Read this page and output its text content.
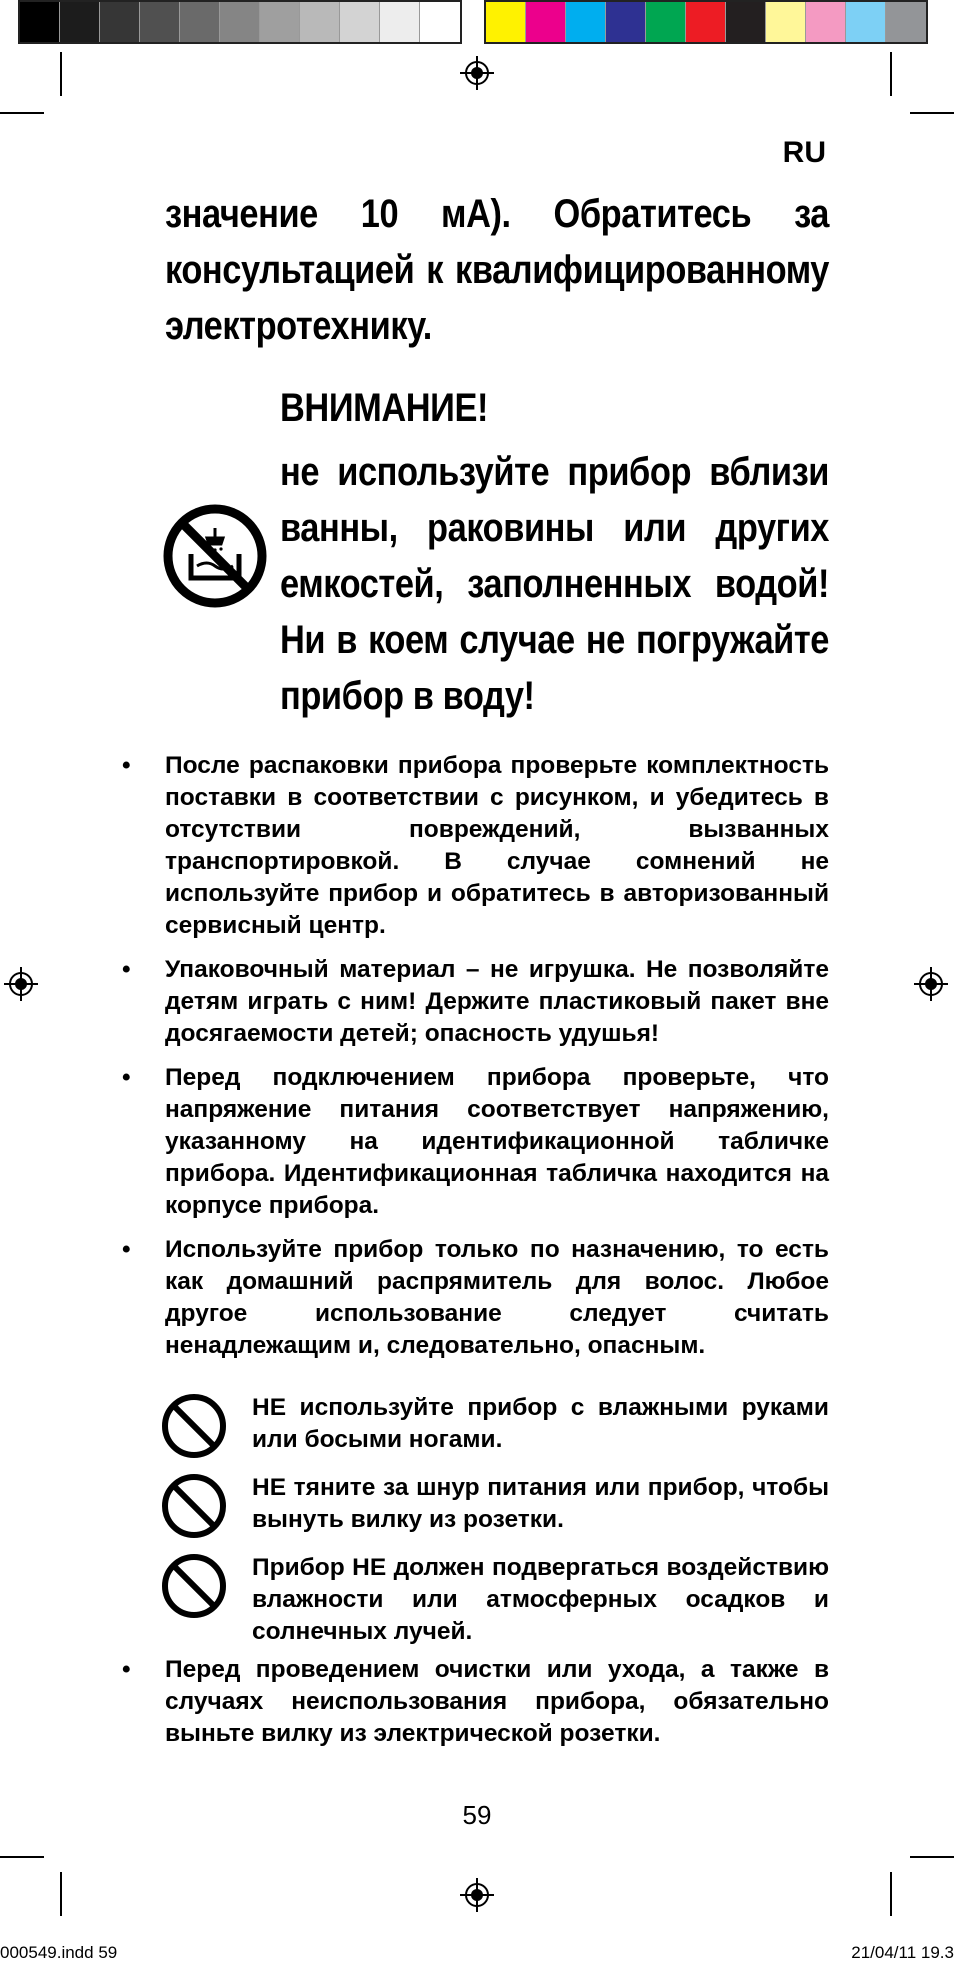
RU

значение 10 мА). Обратитесь за консультацией к квалифицированному электротехнику.

ВНИМАНИЕ!

не используйте прибор вблизи ванны, раковины или других емкостей, заполненных водой! Ни в коем случае не погружайте прибор в воду!

• После распаковки прибора проверьте комплектность поставки в соответствии с рисунком, и убедитесь в отсутствии повреждений, вызванных транспортировкой. В случае сомнений не используйте прибор и обратитесь в авторизованный сервисный центр.
• Упаковочный материал – не игрушка. Не позволяйте детям играть с ним! Держите пластиковый пакет вне досягаемости детей; опасность удушья!
• Перед подключением прибора проверьте, что напряжение питания соответствует напряжению, указанному на идентификационной табличке прибора. Идентификационная табличка находится на корпусе прибора.
• Используйте прибор только по назначению, то есть как домашний распрямитель для волос. Любое другое использование следует считать ненадлежащим и, следовательно, опасным.
НЕ используйте прибор с влажными руками или босыми ногами.
НЕ тяните за шнур питания или прибор, чтобы вынуть вилку из розетки.
Прибор НЕ должен подвергаться воздействию влажности или атмосферных осадков и солнечных лучей.
• Перед проведением очистки или ухода, а также в случаях неиспользования прибора, обязательно выньте вилку из электрической розетки.
59
000549.indd 59	21/04/11 19.3
